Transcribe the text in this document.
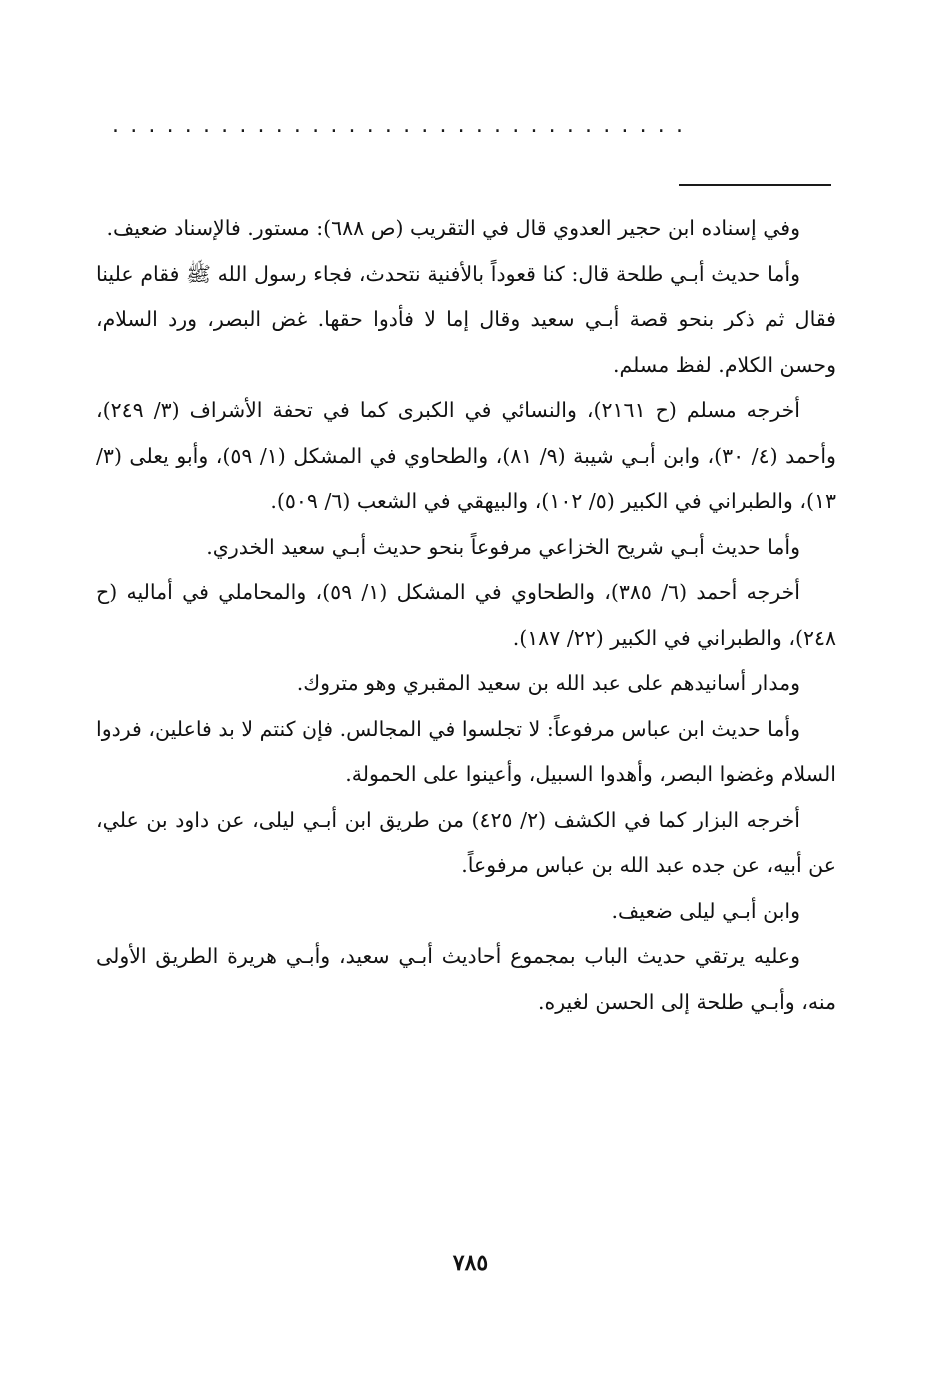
................................

وفي إسناده ابن حجير العدوي قال في التقريب (ص ٦٨٨): مستور. فالإسناد ضعيف.

وأما حديث أبـي طلحة قال: كنا قعوداً بالأفنية نتحدث، فجاء رسول الله ﷺ فقام علينا فقال ثم ذكر بنحو قصة أبـي سعيد وقال إما لا فأدوا حقها. غض البصر، ورد السلام، وحسن الكلام. لفظ مسلم.

أخرجه مسلم (ح ٢١٦١)، والنسائي في الكبرى كما في تحفة الأشراف (٣/ ٢٤٩)، وأحمد (٤/ ٣٠)، وابن أبـي شيبة (٩/ ٨١)، والطحاوي في المشكل (١/ ٥٩)، وأبو يعلى (٣/ ١٣)، والطبراني في الكبير (٥/ ١٠٢)، والبيهقي في الشعب (٦/ ٥٠٩).

وأما حديث أبـي شريح الخزاعي مرفوعاً بنحو حديث أبـي سعيد الخدري.

أخرجه أحمد (٦/ ٣٨٥)، والطحاوي في المشكل (١/ ٥٩)، والمحاملي في أماليه (ح ٢٤٨)، والطبراني في الكبير (٢٢/ ١٨٧).

ومدار أسانيدهم على عبد الله بن سعيد المقبري وهو متروك.

وأما حديث ابن عباس مرفوعاً: لا تجلسوا في المجالس. فإن كنتم لا بد فاعلين، فردوا السلام وغضوا البصر، وأهدوا السبيل، وأعينوا على الحمولة.

أخرجه البزار كما في الكشف (٢/ ٤٢٥) من طريق ابن أبـي ليلى، عن داود بن علي، عن أبيه، عن جده عبد الله بن عباس مرفوعاً.

وابن أبـي ليلى ضعيف.

وعليه يرتقي حديث الباب بمجموع أحاديث أبـي سعيد، وأبـي هريرة الطريق الأولى منه، وأبـي طلحة إلى الحسن لغيره.

٧٨٥
